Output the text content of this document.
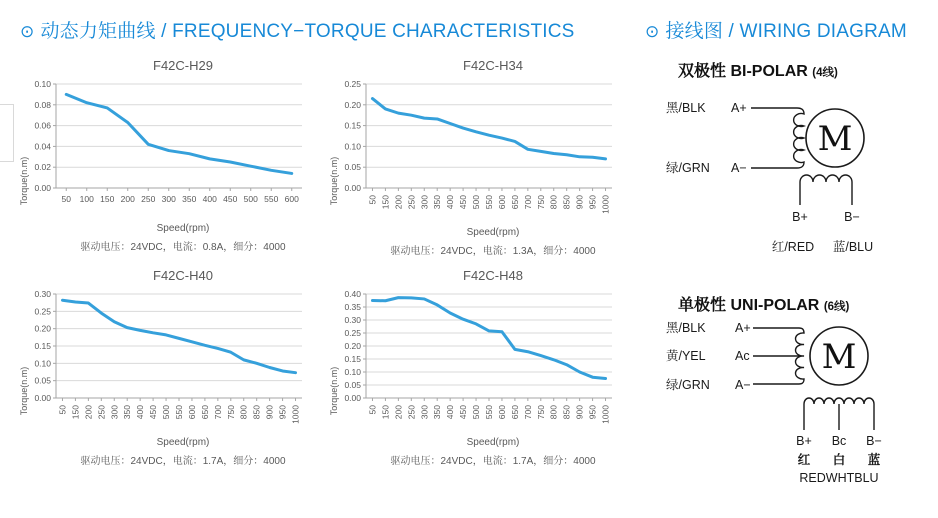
⊙ 动态力矩曲线 / FREQUENCY−TORQUE CHARACTERISTICS	⊙ 接线图 / WIRING DIAGRAM
F42C-H29
Torque(n.m) 0.00
0.02
0.04
0.06
0.08
0.10
50 100 150 200 250 300 350 400 450 500 550 600
Speed(rpm)
驱动电压：24VDC，电流：0.8A，细分：4000
F42C-H34
Torque(n.m) 0.00
0.05
0.10
0.15
0.20
0.25
50 150 200 250 300 350 400 450 500 550 600 650 700 750 800 850 900 950 1000
Speed(rpm)
驱动电压：24VDC，电流：1.3A，细分：4000
F42C-H40
Torque(n.m) 0.00
0.05
0.10
0.15
0.20
0.25
0.30
50 150 200 250 300 350 400 450 500 550 600 650 700 750 800 850 900 950 1000
Speed(rpm)
驱动电压：24VDC，电流：1.7A，细分：4000
F42C-H48
Torque(n.m) 0.00
0.05
0.10
0.15
0.20
0.25
0.30
0.35
0.40
50 150 200 250 300 350 400 450 500 550 600 650 700 750 800 850 900 950 1000
Speed(rpm)
驱动电压：24VDC，电流：1.7A，细分：4000
双极性 BI-POLAR (4线)
M
黑/BLK A+
绿/GRN A−
B+	B−
红/RED 蓝/BLU
单极性 UNI-POLAR (6线)
M
黑/BLK A+
黄/YEL Ac
绿/GRN A−
B+ Bc B−
红 白 蓝
REDWHTBLU
